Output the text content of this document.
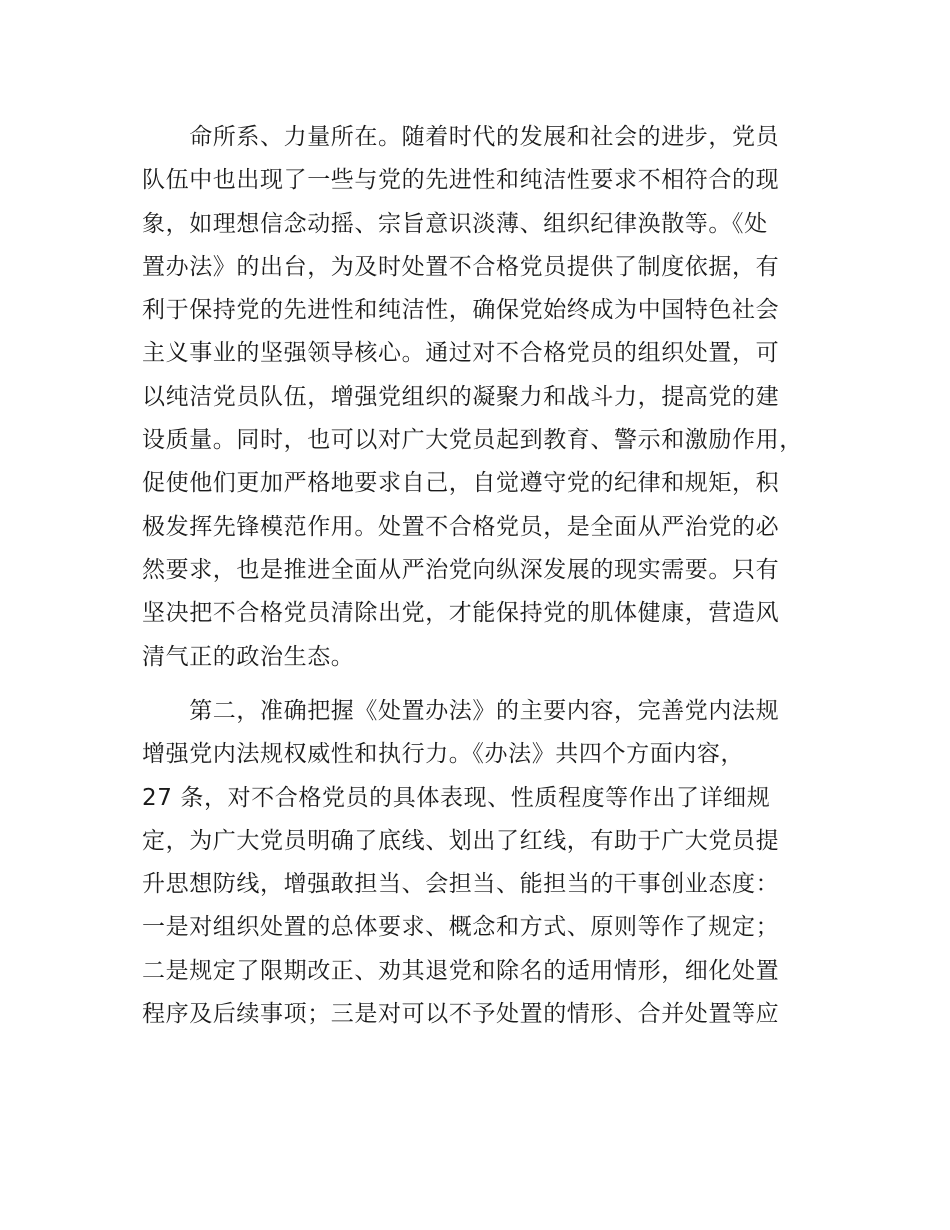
　　命所系、力量所在。随着时代的发展和社会的进步，党员
队伍中也出现了一些与党的先进性和纯洁性要求不相符合的现
象，如理想信念动摇、宗旨意识淡薄、组织纪律涣散等。《处
置办法》的出台，为及时处置不合格党员提供了制度依据，有
利于保持党的先进性和纯洁性，确保党始终成为中国特色社会
主义事业的坚强领导核心。通过对不合格党员的组织处置，可
以纯洁党员队伍，增强党组织的凝聚力和战斗力，提高党的建
设质量。同时，也可以对广大党员起到教育、警示和激励作用，
促使他们更加严格地要求自己，自觉遵守党的纪律和规矩，积
极发挥先锋模范作用。处置不合格党员，是全面从严治党的必
然要求，也是推进全面从严治党向纵深发展的现实需要。只有
坚决把不合格党员清除出党，才能保持党的肌体健康，营造风
清气正的政治生态。

　　第二，准确把握《处置办法》的主要内容，完善党内法规
增强党内法规权威性和执行力。《办法》共四个方面内容，
27 条，对不合格党员的具体表现、性质程度等作出了详细规
定，为广大党员明确了底线、划出了红线，有助于广大党员提
升思想防线，增强敢担当、会担当、能担当的干事创业态度：
一是对组织处置的总体要求、概念和方式、原则等作了规定；
二是规定了限期改正、劝其退党和除名的适用情形，细化处置
程序及后续事项；三是对可以不予处置的情形、合并处置等应
